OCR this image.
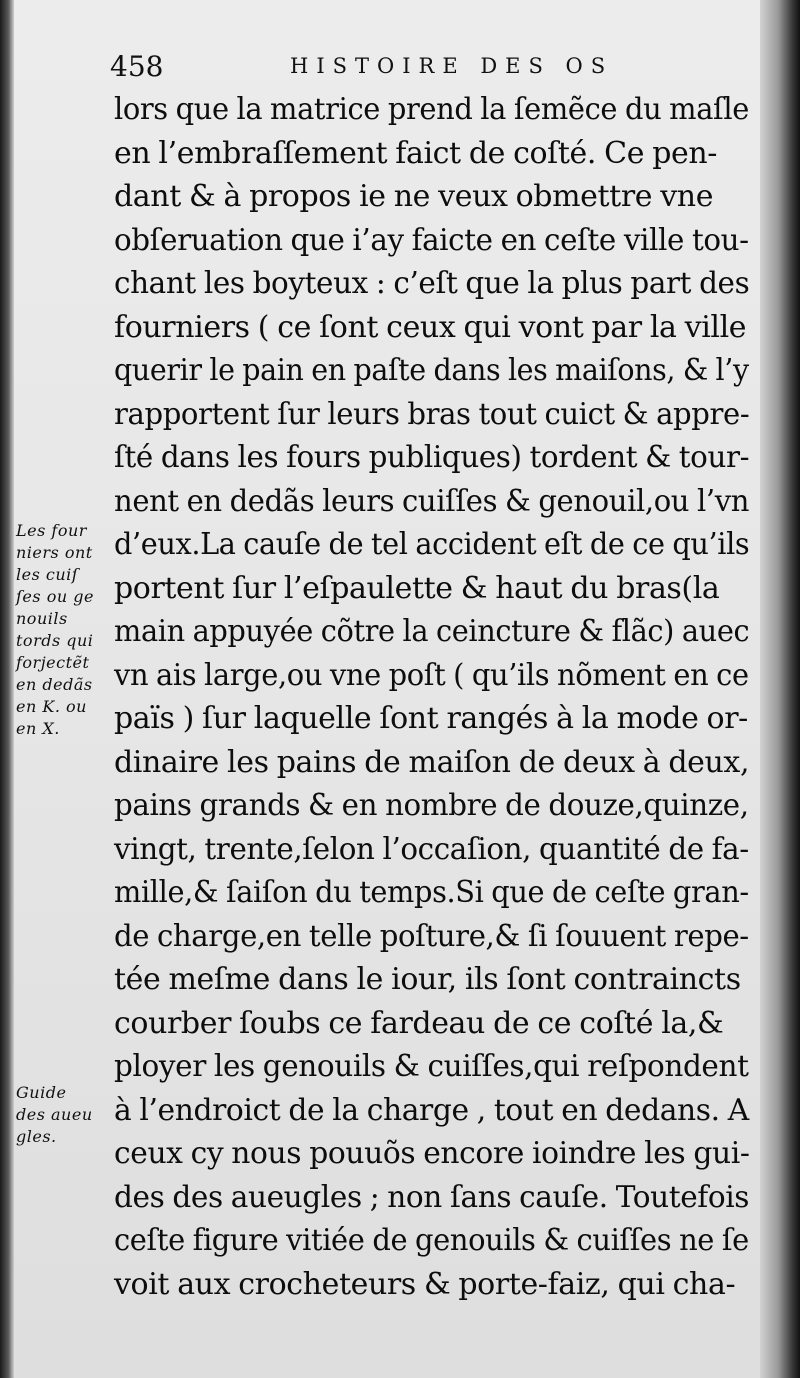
458	HISTOIRE DES OS
lors que la matrice prend la ſemẽce du maſle
en l’embraſſement faict de coſté. Ce pen-
dant & à propos ie ne veux obmettre vne
obſeruation que i’ay faicte en ceſte ville tou-
chant les boyteux : c’eſt que la plus part des
fourniers ( ce ſont ceux qui vont par la ville
querir le pain en paſte dans les maiſons, & l’y
rapportent ſur leurs bras tout cuict & appre-
ſté dans les fours publiques) tordent & tour-
nent en dedãs leurs cuiſſes & genouil,ou l’vn
d’eux.La cauſe de tel accident eſt de ce qu’ils
portent ſur l’eſpaulette & haut du bras(la
main appuyée cõtre la ceincture & flãc) auec
vn ais large,ou vne poſt ( qu’ils nõment en ce
païs ) ſur laquelle ſont rangés à la mode or-
dinaire les pains de maiſon de deux à deux,
pains grands & en nombre de douze,quinze,
vingt, trente,ſelon l’occaſion, quantité de fa-
mille,& ſaiſon du temps.Si que de ceſte gran-
de charge,en telle poſture,& ſi ſouuent repe-
tée meſme dans le iour, ils ſont contraincts
courber ſoubs ce fardeau de ce coſté la,&
ployer les genouils & cuiſſes,qui reſpondent
à l’endroict de la charge , tout en dedans. A
ceux cy nous pouuõs encore ioindre les gui-
des des aueugles ; non ſans cauſe. Toutefois
ceſte figure vitiée de genouils & cuiſſes ne ſe
voit aux crocheteurs & porte-faiz, qui cha-
Les four
niers ont
les cuiſ
ſes ou ge
nouils
tords qui
forjectẽt
en dedãs
en K. ou
en X.
Guide
des aueu
gles.
